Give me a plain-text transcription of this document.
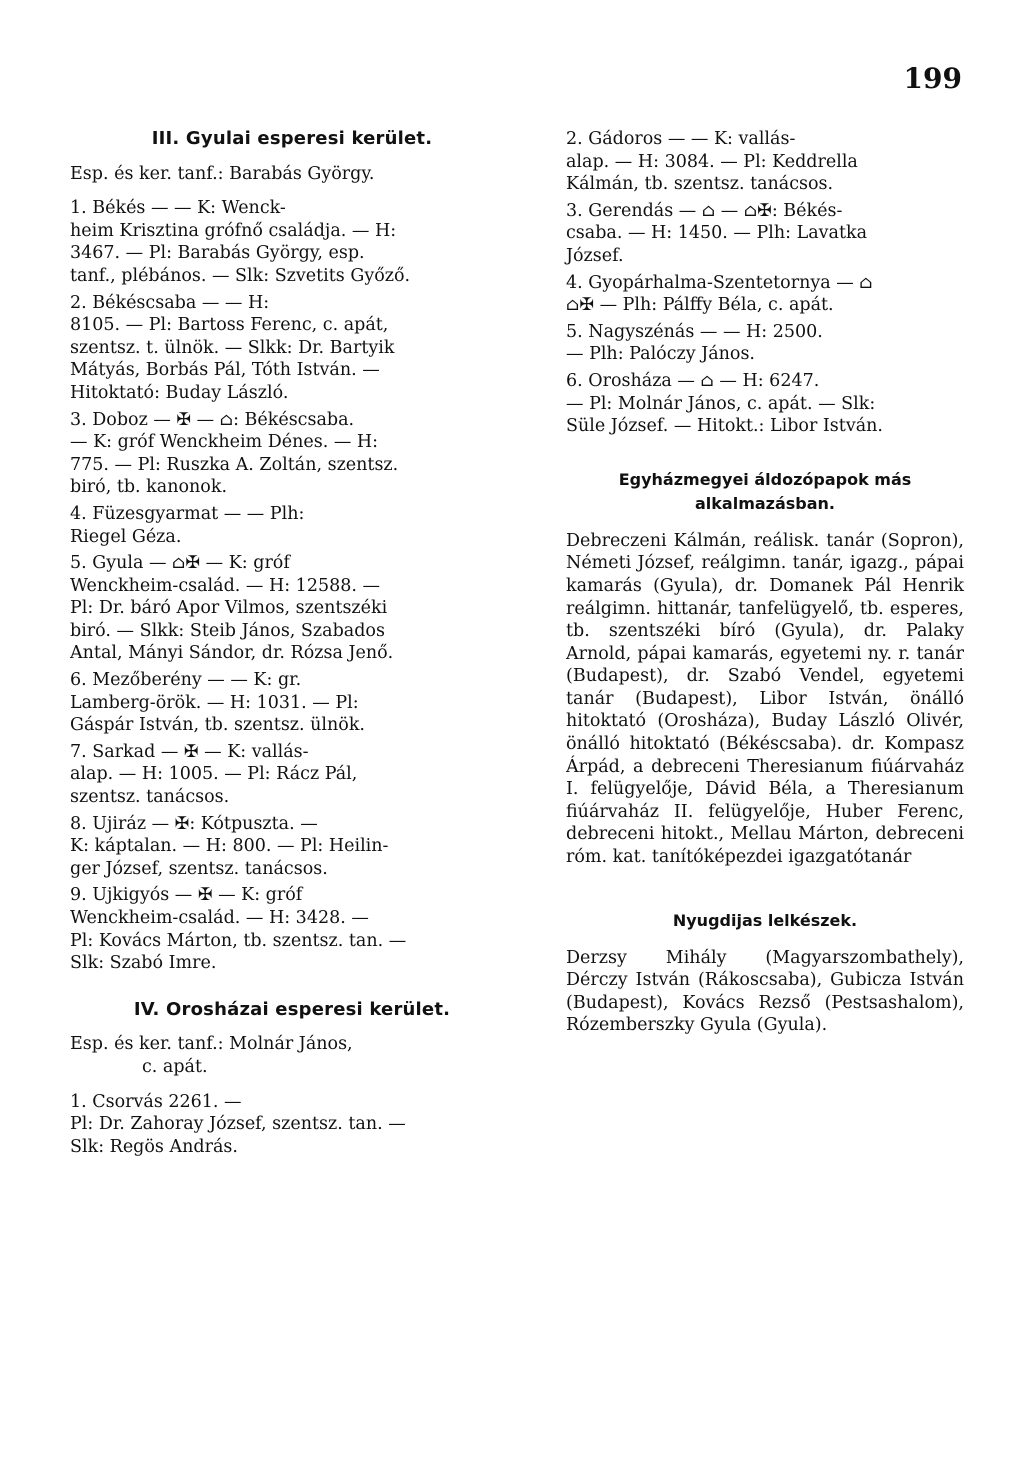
199
III. Gyulai esperesi kerület.
Esp. és ker. tanf.: Barabás György.
1. Békés — — K: Wenck-
heim Krisztina grófnő családja. — H:
3467. — Pl: Barabás György, esp.
tanf., plébános. — Slk: Szvetits Győző.
2. Békéscsaba — — H:
8105. — Pl: Bartoss Ferenc, c. apát,
szentsz. t. ülnök. — Slkk: Dr. Bartyik
Mátyás, Borbás Pál, Tóth István. —
Hitoktató: Buday László.
3. Doboz — ✠ — ⌂: Békéscsaba.
— K: gróf Wenckheim Dénes. — H:
775. — Pl: Ruszka A. Zoltán, szentsz.
biró, tb. kanonok.
4. Füzesgyarmat — — Plh:
Riegel Géza.
5. Gyula — ⌂✠ — K: gróf
Wenckheim-család. — H: 12588. —
Pl: Dr. báró Apor Vilmos, szentszéki
biró. — Slkk: Steib János, Szabados
Antal, Mányi Sándor, dr. Rózsa Jenő.
6. Mezőberény — — K: gr.
Lamberg-örök. — H: 1031. — Pl:
Gáspár István, tb. szentsz. ülnök.
7. Sarkad — ✠ — K: vallás-
alap. — H: 1005. — Pl: Rácz Pál,
szentsz. tanácsos.
8. Ujiráz — ✠: Kótpuszta. —
K: káptalan. — H: 800. — Pl: Heilin-
ger József, szentsz. tanácsos.
9. Ujkigyós — ✠ — K: gróf
Wenckheim-család. — H: 3428. —
Pl: Kovács Márton, tb. szentsz. tan. —
Slk: Szabó Imre.
IV. Orosházai esperesi kerület.
Esp. és ker. tanf.: Molnár János,
c. apát.
1. Csorvás 2261. —
Pl: Dr. Zahoray József, szentsz. tan. —
Slk: Regös András.
2. Gádoros — — K: vallás-
alap. — H: 3084. — Pl: Keddrella
Kálmán, tb. szentsz. tanácsos.
3. Gerendás — ⌂ — ⌂✠: Békés-
csaba. — H: 1450. — Plh: Lavatka
József.
4. Gyopárhalma-Szentetornya — ⌂
⌂✠ — Plh: Pálffy Béla, c. apát.
5. Nagyszénás — — H: 2500.
— Plh: Palóczy János.
6. Orosháza — ⌂ — H: 6247.
— Pl: Molnár János, c. apát. — Slk:
Süle József. — Hitokt.: Libor István.
Egyházmegyei áldozópapok más
alkalmazásban.
Debreczeni Kálmán, reálisk. tanár (Sopron), Németi József, reálgimn. tanár, igazg., pápai kamarás (Gyula), dr. Domanek Pál Henrik reálgimn. hittanár, tanfelügyelő, tb. esperes, tb. szentszéki bíró (Gyula), dr. Palaky Arnold, pápai kamarás, egyetemi ny. r. tanár (Budapest), dr. Szabó Vendel, egyetemi tanár (Budapest), Libor István, önálló hitoktató (Orosháza), Buday László Olivér, önálló hitoktató (Békéscsaba). dr. Kompasz Árpád, a debreceni Theresianum fiúárvaház I. felügyelője, Dávid Béla, a Theresianum fiúárvaház II. felügyelője, Huber Ferenc, debreceni hitokt., Mellau Márton, debreceni róm. kat. tanítóképezdei igazgatótanár
Nyugdijas lelkészek.
Derzsy Mihály (Magyarszombathely), Dérczy István (Rákoscsaba), Gubicza István (Budapest), Kovács Rezső (Pestsashalom), Rózemberszky Gyula (Gyula).
